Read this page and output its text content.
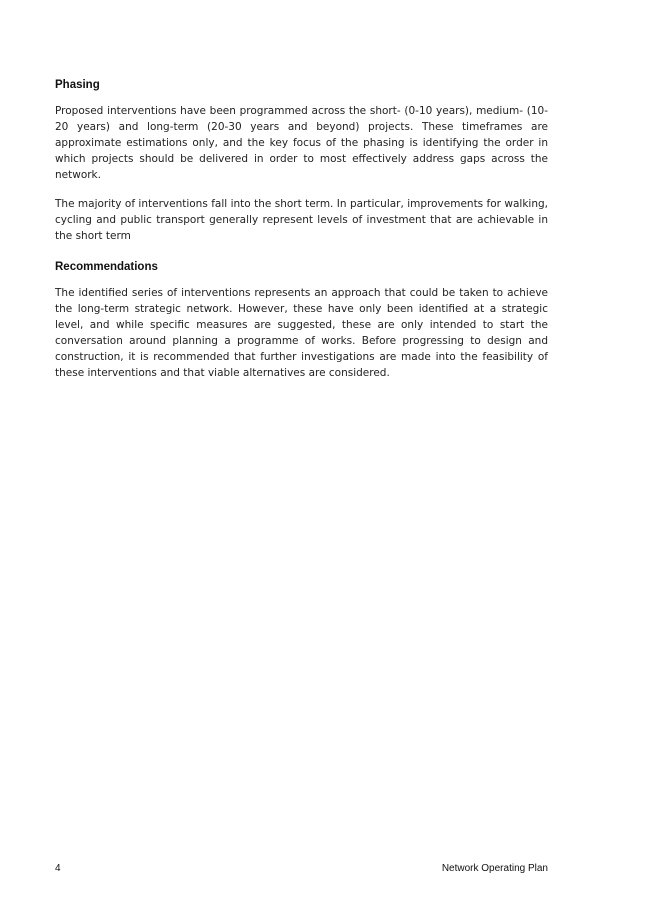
Phasing

Proposed interventions have been programmed across the short- (0-10 years), medium- (10-20 years) and long-term (20-30 years and beyond) projects. These timeframes are approximate estimations only, and the key focus of the phasing is identifying the order in which projects should be delivered in order to most effectively address gaps across the network.

The majority of interventions fall into the short term. In particular, improvements for walking, cycling and public transport generally represent levels of investment that are achievable in the short term

Recommendations

The identified series of interventions represents an approach that could be taken to achieve the long-term strategic network. However, these have only been identified at a strategic level, and while specific measures are suggested, these are only intended to start the conversation around planning a programme of works. Before progressing to design and construction, it is recommended that further investigations are made into the feasibility of these interventions and that viable alternatives are considered.

4	Network Operating Plan
